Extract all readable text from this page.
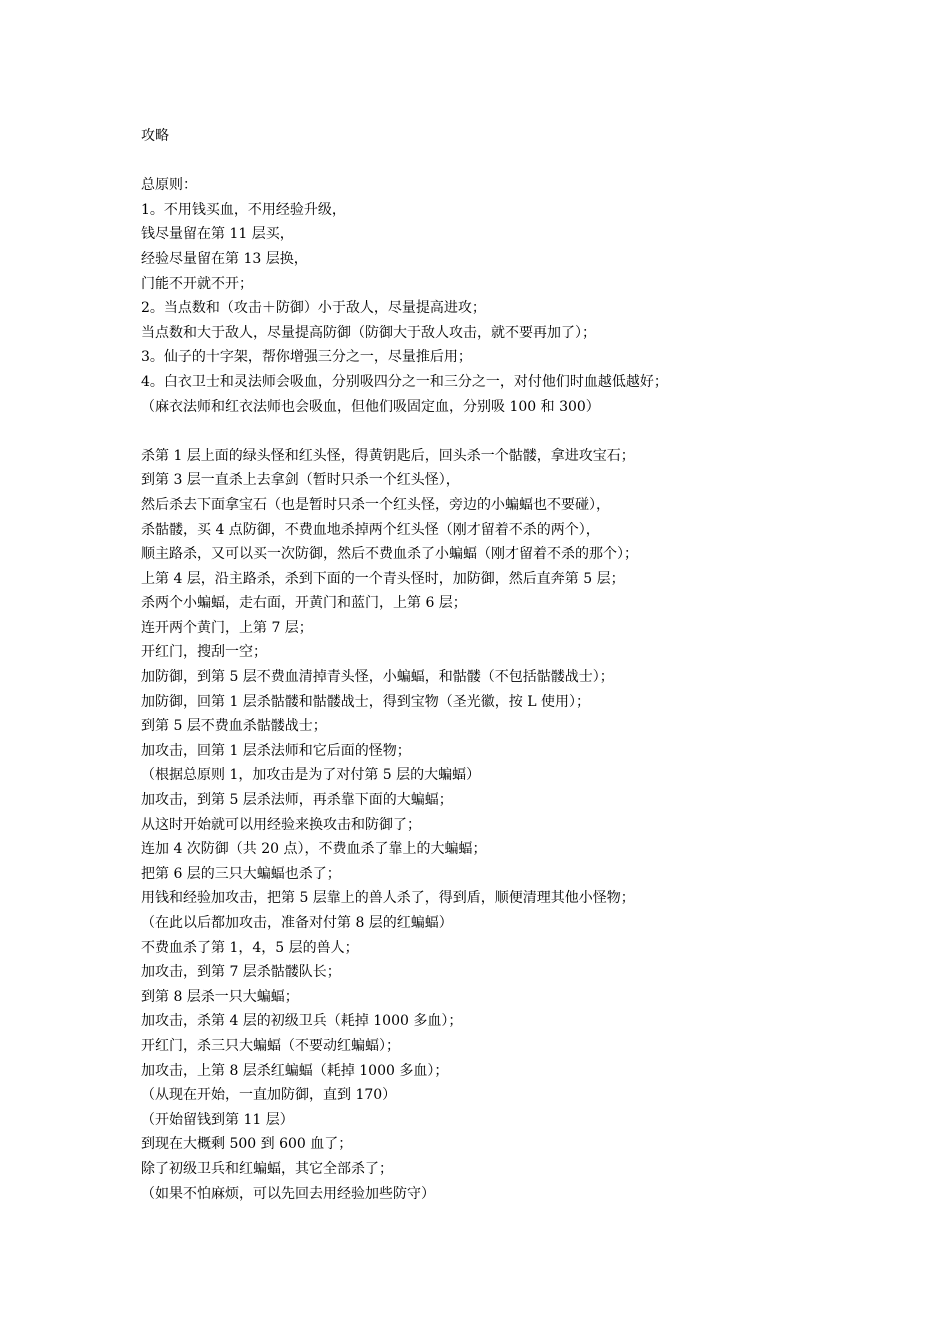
攻略
总原则：
1。不用钱买血，不用经验升级，
钱尽量留在第 11 层买，
经验尽量留在第 13 层换，
门能不开就不开；
2。当点数和（攻击＋防御）小于敌人，尽量提高进攻；
当点数和大于敌人，尽量提高防御（防御大于敌人攻击，就不要再加了）；
3。仙子的十字架，帮你增强三分之一，尽量推后用；
4。白衣卫士和灵法师会吸血，分别吸四分之一和三分之一，对付他们时血越低越好；
（麻衣法师和红衣法师也会吸血，但他们吸固定血，分别吸 100 和 300）
杀第 1 层上面的绿头怪和红头怪，得黄钥匙后，回头杀一个骷髅，拿进攻宝石；
到第 3 层一直杀上去拿剑（暂时只杀一个红头怪），
然后杀去下面拿宝石（也是暂时只杀一个红头怪，旁边的小蝙蝠也不要碰），
杀骷髅，买 4 点防御，不费血地杀掉两个红头怪（刚才留着不杀的两个），
顺主路杀，又可以买一次防御，然后不费血杀了小蝙蝠（刚才留着不杀的那个）；
上第 4 层，沿主路杀，杀到下面的一个青头怪时，加防御，然后直奔第 5 层；
杀两个小蝙蝠，走右面，开黄门和蓝门，上第 6 层；
连开两个黄门，上第 7 层；
开红门，搜刮一空；
加防御，到第 5 层不费血清掉青头怪，小蝙蝠，和骷髅（不包括骷髅战士）；
加防御，回第 1 层杀骷髅和骷髅战士，得到宝物（圣光徽，按 L 使用）；
到第 5 层不费血杀骷髅战士；
加攻击，回第 1 层杀法师和它后面的怪物；
（根据总原则 1，加攻击是为了对付第 5 层的大蝙蝠）
加攻击，到第 5 层杀法师，再杀靠下面的大蝙蝠；
从这时开始就可以用经验来换攻击和防御了；
连加 4 次防御（共 20 点），不费血杀了靠上的大蝙蝠；
把第 6 层的三只大蝙蝠也杀了；
用钱和经验加攻击，把第 5 层靠上的兽人杀了，得到盾，顺便清理其他小怪物；
（在此以后都加攻击，准备对付第 8 层的红蝙蝠）
不费血杀了第 1，4，5 层的兽人；
加攻击，到第 7 层杀骷髅队长；
到第 8 层杀一只大蝙蝠；
加攻击，杀第 4 层的初级卫兵（耗掉 1000 多血）；
开红门，杀三只大蝙蝠（不要动红蝙蝠）；
加攻击，上第 8 层杀红蝙蝠（耗掉 1000 多血）；
（从现在开始，一直加防御，直到 170）
（开始留钱到第 11 层）
到现在大概剩 500 到 600 血了；
除了初级卫兵和红蝙蝠，其它全部杀了；
（如果不怕麻烦，可以先回去用经验加些防守）
